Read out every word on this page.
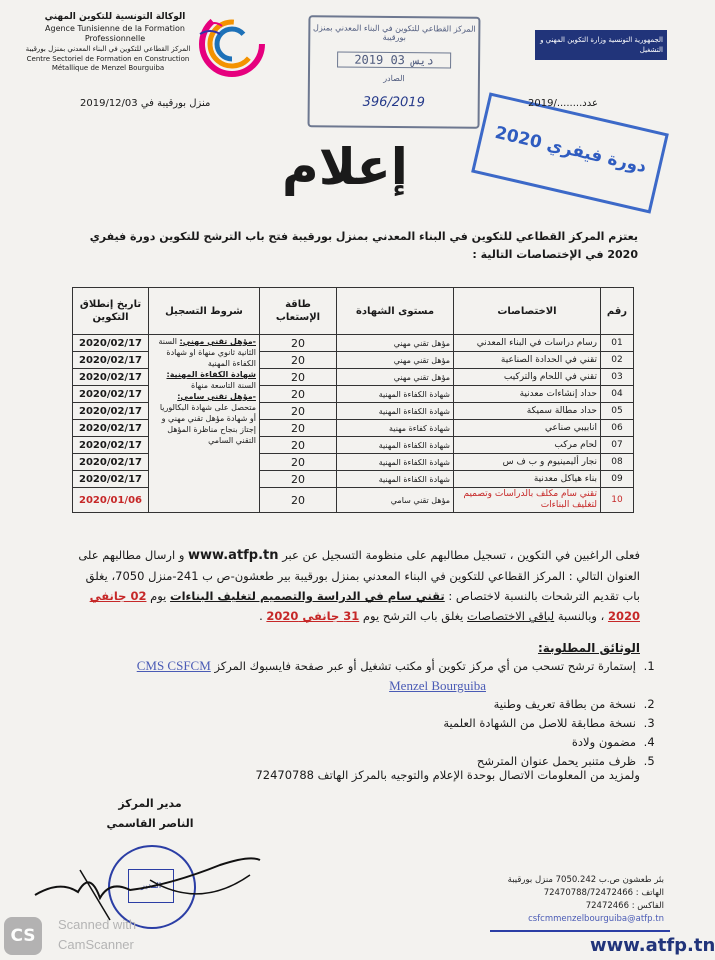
الوكالة التونسية للتكوين المهني
Agence Tunisienne de la Formation Professionnelle
المركز القطاعي للتكوين في البناء المعدني بمنزل بورقيبة
Centre Sectoriel de Formation en Construction Métallique de Menzel Bourguiba
الجمهورية التونسية وزارة التكوين المهني و التشغيل
المركز القطاعي للتكوين في البناء المعدني بمنزل بورقيبة
2019 ديس 03
الصادر
396/2019
دورة فيفري 2020
منزل بورقيبة في 2019/12/03	عدد......../2019
إعلام
يعتزم المركز القطاعي للتكوين في البناء المعدني بمنزل بورقيبة فتح باب الترشح للتكوين دورة فيفري 2020 في الإختصاصات التالية :
رقم	الاختصاصات	مستوى الشهادة	طاقة الإستعاب	شروط التسجيل	تاريخ إنطلاق التكوين
01	رسام دراسات في البناء المعدني	مؤهل تقني مهني	20	-مؤهل تقني مهني: السنة الثانية ثانوي منهاة او شهادة الكفاءة المهنية
شهادة الكفاءة المهنية: السنة التاسعة منهاة
-مؤهل تقني سامي: متحصل على شهادة البكالوريا أو شهادة مؤهل تقني مهني و إجتاز بنجاح مناظرة المؤهل التقني السامي	2020/02/17
02	تقني في الحدادة الصناعية	مؤهل تقني مهني	20		2020/02/17
03	تقني في اللحام والتركيب	مؤهل تقني مهني	20		2020/02/17
04	حداد إنشاءات معدنية	شهادة الكفاءة المهنية	20		2020/02/17
05	حداد مطالة سميكة	شهادة الكفاءة المهنية	20		2020/02/17
06	انابيبي صناعي	شهادة كفاءة مهنية	20		2020/02/17
07	لحام مركب	شهادة الكفاءة المهنية	20		2020/02/17
08	نجار أليمينيوم و ب ف س	شهادة الكفاءة المهنية	20		2020/02/17
09	بناء هياكل معدنية	شهادة الكفاءة المهنية	20		2020/02/17
10	تقني سام مكلف بالدراسات وتصميم لتغليف البناءات	مؤهل تقني سامي	20		2020/01/06
فعلى الراغبين في التكوين ، تسجيل مطالبهم على منظومة التسجيل عن عبر www.atfp.tn و ارسال مطالبهم على العنوان التالي : المركز القطاعي للتكوين في البناء المعدني بمنزل بورقيبة بير طعشون-ص ب 241-منزل 7050، يغلق باب تقديم الترشحات بالنسبة لاختصاص : تقني سام في الدراسة والتصميم لتغليف البناءات يوم 02 جانفي 2020 ، وبالنسبة لباقي الاختصاصات يغلق باب الترشح يوم 31 جانفي 2020 .
الوثائق المطلوبة:
1. إستمارة ترشح تسحب من أي مركز تكوين أو مكتب تشغيل أو عبر صفحة فايسبوك المركز CMS CSFCM
Menzel Bourguiba
2. نسخة من بطاقة تعريف وطنية
3. نسخة مطابقة للاصل من الشهادة العلمية
4. مضمون ولادة
5. ظرف متنبر يحمل عنوان المترشح
ولمزيد من المعلومات الاتصال بوحدة الإعلام والتوجيه بالمركز الهاتف 72470788
مدير المركز
الناصر القاسمي
المدير
بئر طعشون ص.ب 7050.242 منزل بورقيبة
الهاتف : 72470788/72472466
الفاكس : 72472466
csfcmmenzelbourguiba@atfp.tn
www.atfp.tn
CS
Scanned with
CamScanner
